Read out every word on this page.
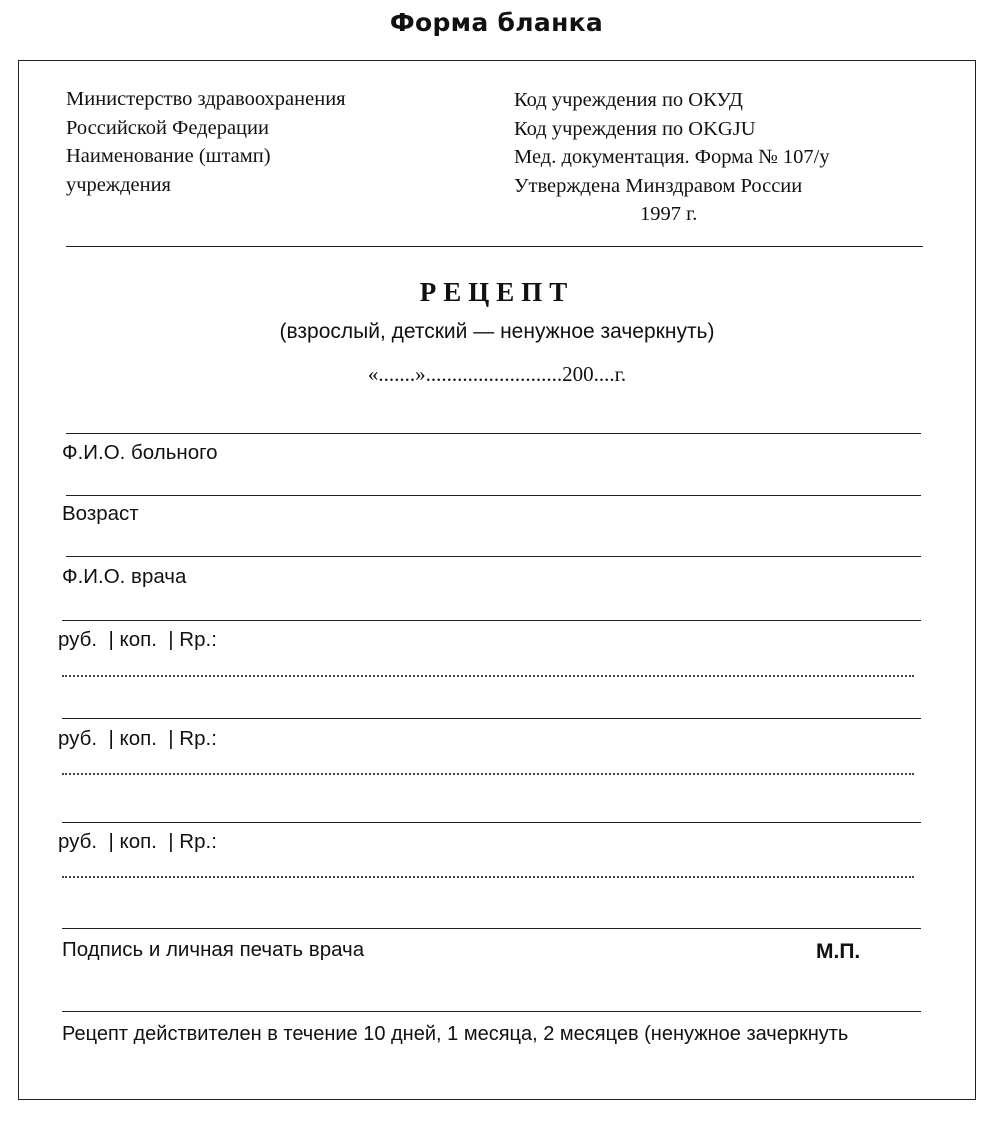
Форма бланка
Министерство здравоохранения
Российской Федерации
Наименование (штамп)
учреждения
Код учреждения по ОКУД
Код учреждения по OKGJU
Мед. документация. Форма № 107/у
Утверждена Минздравом России
1997 г.
РЕЦЕПТ
(взрослый, детский — ненужное зачеркнуть)
«.......»..........................200....г.
Ф.И.О. больного
Возраст
Ф.И.О. врача
руб.  | коп.  | Rp.:
руб.  | коп.  | Rp.:
руб.  | коп.  | Rp.:
Подпись и личная печать врача	М.П.
Рецепт действителен в течение 10 дней, 1 месяца, 2 месяцев (ненужное зачеркнуть
